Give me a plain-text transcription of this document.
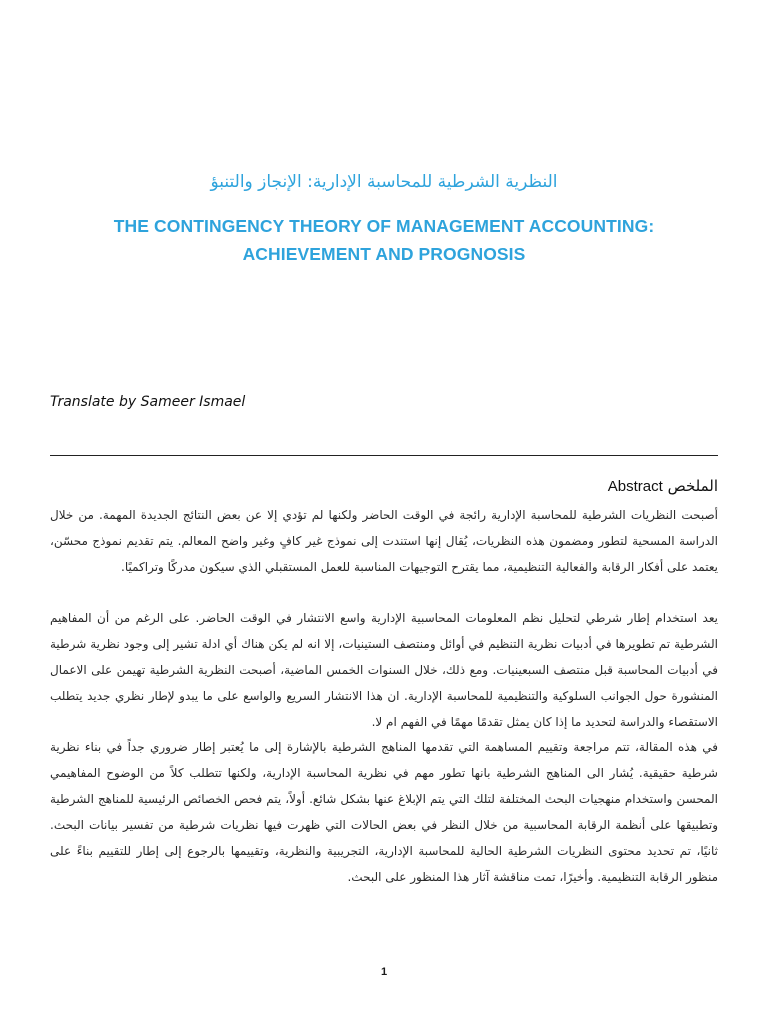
النظرية الشرطية للمحاسبة الإدارية: الإنجاز والتنبؤ
THE CONTINGENCY THEORY OF MANAGEMENT ACCOUNTING:
ACHIEVEMENT AND PROGNOSIS
Translate by Sameer Ismael
الملخص Abstract

أصبحت النظريات الشرطية للمحاسبة الإدارية رائجة في الوقت الحاضر ولكنها لم تؤدي إلا عن بعض النتائج الجديدة المهمة. من خلال الدراسة المسحية لتطور ومضمون هذه النظريات، يُقال إنها استندت إلى نموذج غير كافٍ وغير واضح المعالم. يتم تقديم نموذج محسّن، يعتمد على أفكار الرقابة والفعالية التنظيمية، مما يقترح التوجيهات المناسبة للعمل المستقبلي الذي سيكون مدركًا وتراكميًا.

يعد استخدام إطار شرطي لتحليل نظم المعلومات المحاسبية الإدارية واسع الانتشار في الوقت الحاضر. على الرغم من أن المفاهيم الشرطية تم تطويرها في أدبيات نظرية التنظيم في أوائل ومنتصف الستينيات، إلا انه لم يكن هناك أي ادلة تشير إلى وجود نظرية شرطية في أدبيات المحاسبة قبل منتصف السبعينيات. ومع ذلك، خلال السنوات الخمس الماضية، أصبحت النظرية الشرطية تهيمن على الاعمال المنشورة حول الجوانب السلوكية والتنظيمية للمحاسبة الإدارية. ان هذا الانتشار السريع والواسع على ما يبدو لإطار نظري جديد يتطلب الاستقصاء والدراسة لتحديد ما إذا كان يمثل تقدمًا مهمًا في الفهم ام لا.

في هذه المقالة، تتم مراجعة وتقييم المساهمة التي تقدمها المناهج الشرطية بالإشارة إلى ما يُعتبر إطار ضروري جداً في بناء نظرية شرطية حقيقية. يُشار الى المناهج الشرطية بانها تطور مهم في نظرية المحاسبة الإدارية، ولكنها تتطلب كلاً من الوضوح المفاهيمي المحسن واستخدام منهجيات البحث المختلفة لتلك التي يتم الإبلاغ عنها بشكل شائع. أولاً، يتم فحص الخصائص الرئيسية للمناهج الشرطية وتطبيقها على أنظمة الرقابة المحاسبية من خلال النظر في بعض الحالات التي ظهرت فيها نظريات شرطية من تفسير بيانات البحث. ثانيًا، تم تحديد محتوى النظريات الشرطية الحالية للمحاسبة الإدارية، التجريبية والنظرية، وتقييمها بالرجوع إلى إطار للتقييم بناءً على منظور الرقابة التنظيمية. وأخيرًا، تمت مناقشة آثار هذا المنظور على البحث.

1
